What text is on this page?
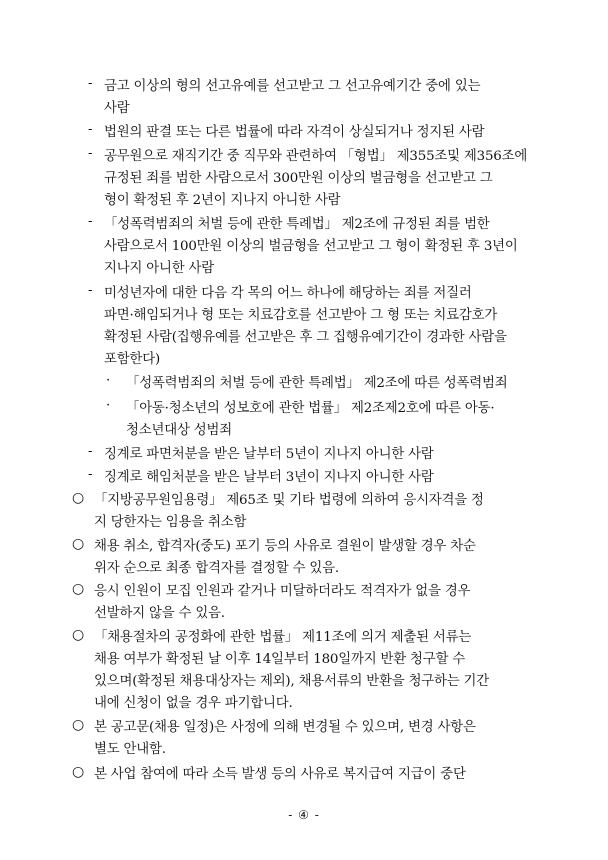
- 금고 이상의 형의 선고유예를 선고받고 그 선고유예기간 중에 있는
사람
- 법원의 판결 또는 다른 법률에 따라 자격이 상실되거나 정지된 사람
- 공무원으로 재직기간 중 직무와 관련하여 「형법」 제355조및 제356조에
규정된 죄를 범한 사람으로서 300만원 이상의 벌금형을 선고받고 그
형이 확정된 후 2년이 지나지 아니한 사람
- 「성폭력범죄의 처벌 등에 관한 특례법」 제2조에 규정된 죄를 범한
사람으로서 100만원 이상의 벌금형을 선고받고 그 형이 확정된 후 3년이
지나지 아니한 사람
- 미성년자에 대한 다음 각 목의 어느 하나에 해당하는 죄를 저질러
파면·해임되거나 형 또는 치료감호를 선고받아 그 형 또는 치료감호가
확정된 사람(집행유예를 선고받은 후 그 집행유예기간이 경과한 사람을
포함한다)
· 「성폭력범죄의 처벌 등에 관한 특례법」 제2조에 따른 성폭력범죄
· 「아동·청소년의 성보호에 관한 법률」 제2조제2호에 따른 아동·
청소년대상 성범죄
- 징계로 파면처분을 받은 날부터 5년이 지나지 아니한 사람
- 징계로 해임처분을 받은 날부터 3년이 지나지 아니한 사람
○ 「지방공무원임용령」 제65조 및 기타 법령에 의하여 응시자격을 정
지 당한자는 임용을 취소함
○ 채용 취소, 합격자(중도) 포기 등의 사유로 결원이 발생할 경우 차순
위자 순으로 최종 합격자를 결정할 수 있음.
○ 응시 인원이 모집 인원과 같거나 미달하더라도 적격자가 없을 경우
선발하지 않을 수 있음.
○ 「채용절차의 공정화에 관한 법률」 제11조에 의거 제출된 서류는
채용 여부가 확정된 날 이후 14일부터 180일까지 반환 청구할 수
있으며(확정된 채용대상자는 제외), 채용서류의 반환을 청구하는 기간
내에 신청이 없을 경우 파기합니다.
○ 본 공고문(채용 일정)은 사정에 의해 변경될 수 있으며, 변경 사항은
별도 안내함.
○ 본 사업 참여에 따라 소득 발생 등의 사유로 복지급여 지급이 중단
- ④ -
